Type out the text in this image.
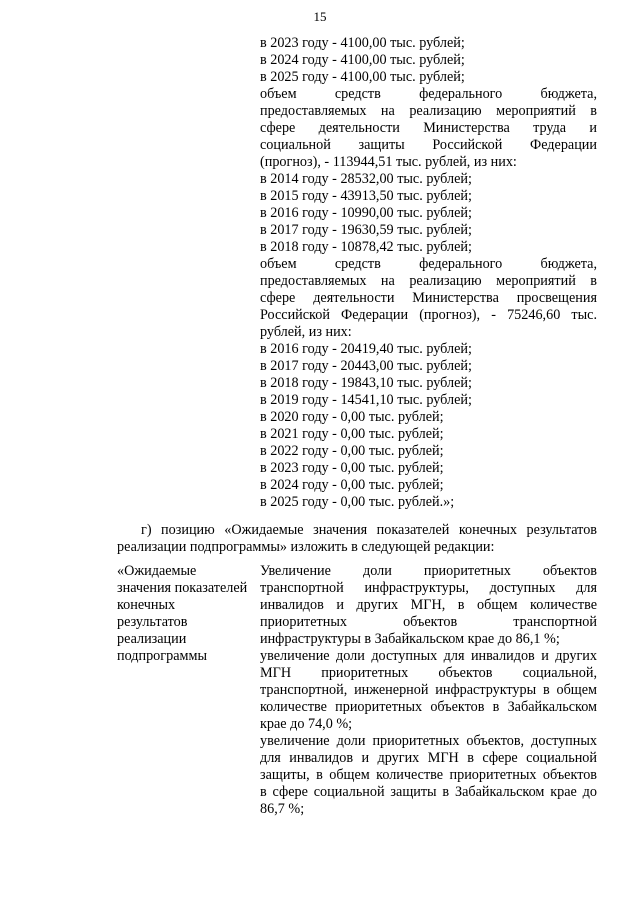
15
в 2023 году - 4100,00 тыс. рублей;
в 2024 году - 4100,00 тыс. рублей;
в 2025 году - 4100,00 тыс. рублей;
объем средств федерального бюджета,
предоставляемых на реализацию мероприятий в
сфере деятельности Министерства труда и
социальной защиты Российской Федерации
(прогноз), - 113944,51 тыс. рублей, из них:
в 2014 году - 28532,00 тыс. рублей;
в 2015 году - 43913,50 тыс. рублей;
в 2016 году - 10990,00 тыс. рублей;
в 2017 году - 19630,59 тыс. рублей;
в 2018 году - 10878,42 тыс. рублей;
объем средств федерального бюджета,
предоставляемых на реализацию мероприятий в
сфере деятельности Министерства просвещения
Российской Федерации (прогноз), - 75246,60 тыс.
рублей, из них:
в 2016 году - 20419,40 тыс. рублей;
в 2017 году - 20443,00 тыс. рублей;
в 2018 году - 19843,10 тыс. рублей;
в 2019 году - 14541,10 тыс. рублей;
в 2020 году - 0,00 тыс. рублей;
в 2021 году - 0,00 тыс. рублей;
в 2022 году - 0,00 тыс. рублей;
в 2023 году - 0,00 тыс. рублей;
в 2024 году - 0,00 тыс. рублей;
в 2025 году - 0,00 тыс. рублей.»;
г) позицию «Ожидаемые значения показателей конечных результатов
реализации подпрограммы» изложить в следующей редакции:
«Ожидаемые
значения показателей
конечных
результатов
реализации
подпрограммы
Увеличение доли приоритетных объектов
транспортной инфраструктуры, доступных для
инвалидов и других МГН, в общем количестве
приоритетных объектов транспортной
инфраструктуры в Забайкальском крае до 86,1 %;
увеличение доли доступных для инвалидов и других
МГН приоритетных объектов социальной,
транспортной, инженерной инфраструктуры в общем
количестве приоритетных объектов в Забайкальском
крае до 74,0 %;
увеличение доли приоритетных объектов, доступных
для инвалидов и других МГН в сфере социальной
защиты, в общем количестве приоритетных объектов
в сфере социальной защиты в Забайкальском крае до
86,7 %;
